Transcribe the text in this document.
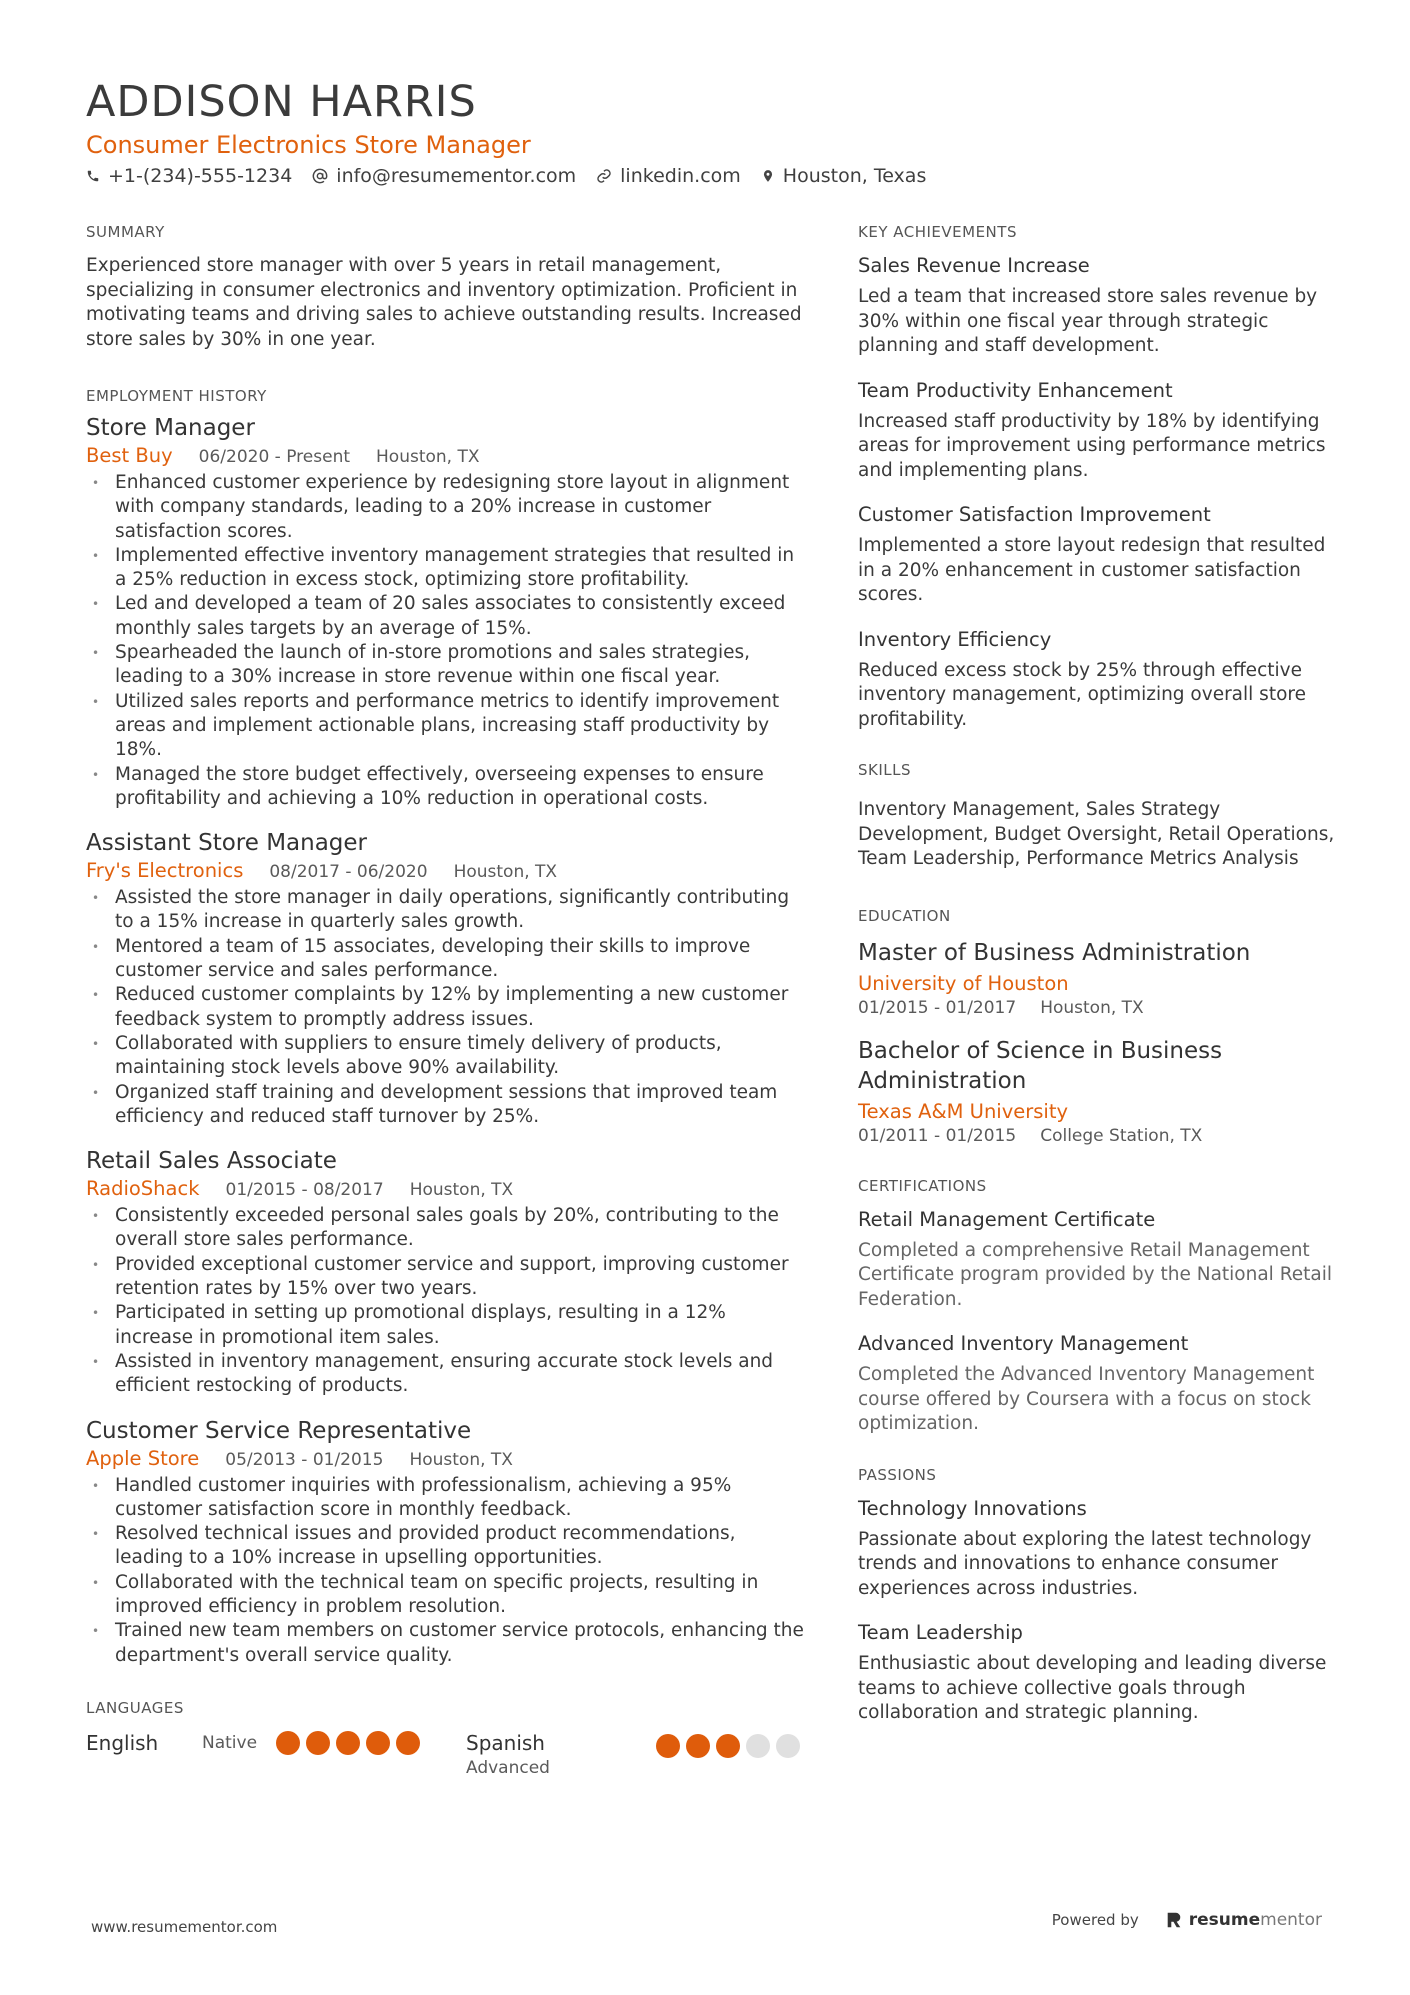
ADDISON HARRIS
Consumer Electronics Store Manager
+1-(234)-555-1234 info@resumementor.com linkedin.com Houston, Texas
SUMMARY

Experienced store manager with over 5 years in retail management, specializing in consumer electronics and inventory optimization. Proficient in motivating teams and driving sales to achieve outstanding results. Increased store sales by 30% in one year.

EMPLOYMENT HISTORY
Store Manager
Best Buy 06/2020 - Present Houston, TX
• Enhanced customer experience by redesigning store layout in alignment with company standards, leading to a 20% increase in customer satisfaction scores.
• Implemented effective inventory management strategies that resulted in a 25% reduction in excess stock, optimizing store profitability.
• Led and developed a team of 20 sales associates to consistently exceed monthly sales targets by an average of 15%.
• Spearheaded the launch of in-store promotions and sales strategies, leading to a 30% increase in store revenue within one fiscal year.
• Utilized sales reports and performance metrics to identify improvement areas and implement actionable plans, increasing staff productivity by 18%.
• Managed the store budget effectively, overseeing expenses to ensure profitability and achieving a 10% reduction in operational costs.
Assistant Store Manager
Fry's Electronics 08/2017 - 06/2020 Houston, TX
• Assisted the store manager in daily operations, significantly contributing to a 15% increase in quarterly sales growth.
• Mentored a team of 15 associates, developing their skills to improve customer service and sales performance.
• Reduced customer complaints by 12% by implementing a new customer feedback system to promptly address issues.
• Collaborated with suppliers to ensure timely delivery of products, maintaining stock levels above 90% availability.
• Organized staff training and development sessions that improved team efficiency and reduced staff turnover by 25%.
Retail Sales Associate
RadioShack 01/2015 - 08/2017 Houston, TX
• Consistently exceeded personal sales goals by 20%, contributing to the overall store sales performance.
• Provided exceptional customer service and support, improving customer retention rates by 15% over two years.
• Participated in setting up promotional displays, resulting in a 12% increase in promotional item sales.
• Assisted in inventory management, ensuring accurate stock levels and efficient restocking of products.
Customer Service Representative
Apple Store 05/2013 - 01/2015 Houston, TX
• Handled customer inquiries with professionalism, achieving a 95% customer satisfaction score in monthly feedback.
• Resolved technical issues and provided product recommendations, leading to a 10% increase in upselling opportunities.
• Collaborated with the technical team on specific projects, resulting in improved efficiency in problem resolution.
• Trained new team members on customer service protocols, enhancing the department's overall service quality.
LANGUAGES
English	Native	Spanish
Advanced
KEY ACHIEVEMENTS
Sales Revenue Increase
Led a team that increased store sales revenue by 30% within one fiscal year through strategic planning and staff development.
Team Productivity Enhancement
Increased staff productivity by 18% by identifying areas for improvement using performance metrics and implementing plans.
Customer Satisfaction Improvement
Implemented a store layout redesign that resulted in a 20% enhancement in customer satisfaction scores.
Inventory Efficiency
Reduced excess stock by 25% through effective inventory management, optimizing overall store profitability.
SKILLS
Inventory Management, Sales Strategy Development, Budget Oversight, Retail Operations, Team Leadership, Performance Metrics Analysis
EDUCATION
Master of Business Administration
University of Houston
01/2015 - 01/2017 Houston, TX
Bachelor of Science in Business Administration
Texas A&M University
01/2011 - 01/2015 College Station, TX
CERTIFICATIONS
Retail Management Certificate
Completed a comprehensive Retail Management Certificate program provided by the National Retail Federation.
Advanced Inventory Management
Completed the Advanced Inventory Management course offered by Coursera with a focus on stock optimization.
PASSIONS
Technology Innovations
Passionate about exploring the latest technology trends and innovations to enhance consumer experiences across industries.
Team Leadership
Enthusiastic about developing and leading diverse teams to achieve collective goals through collaboration and strategic planning.
www.resumementor.com	Powered by	resume mentor
